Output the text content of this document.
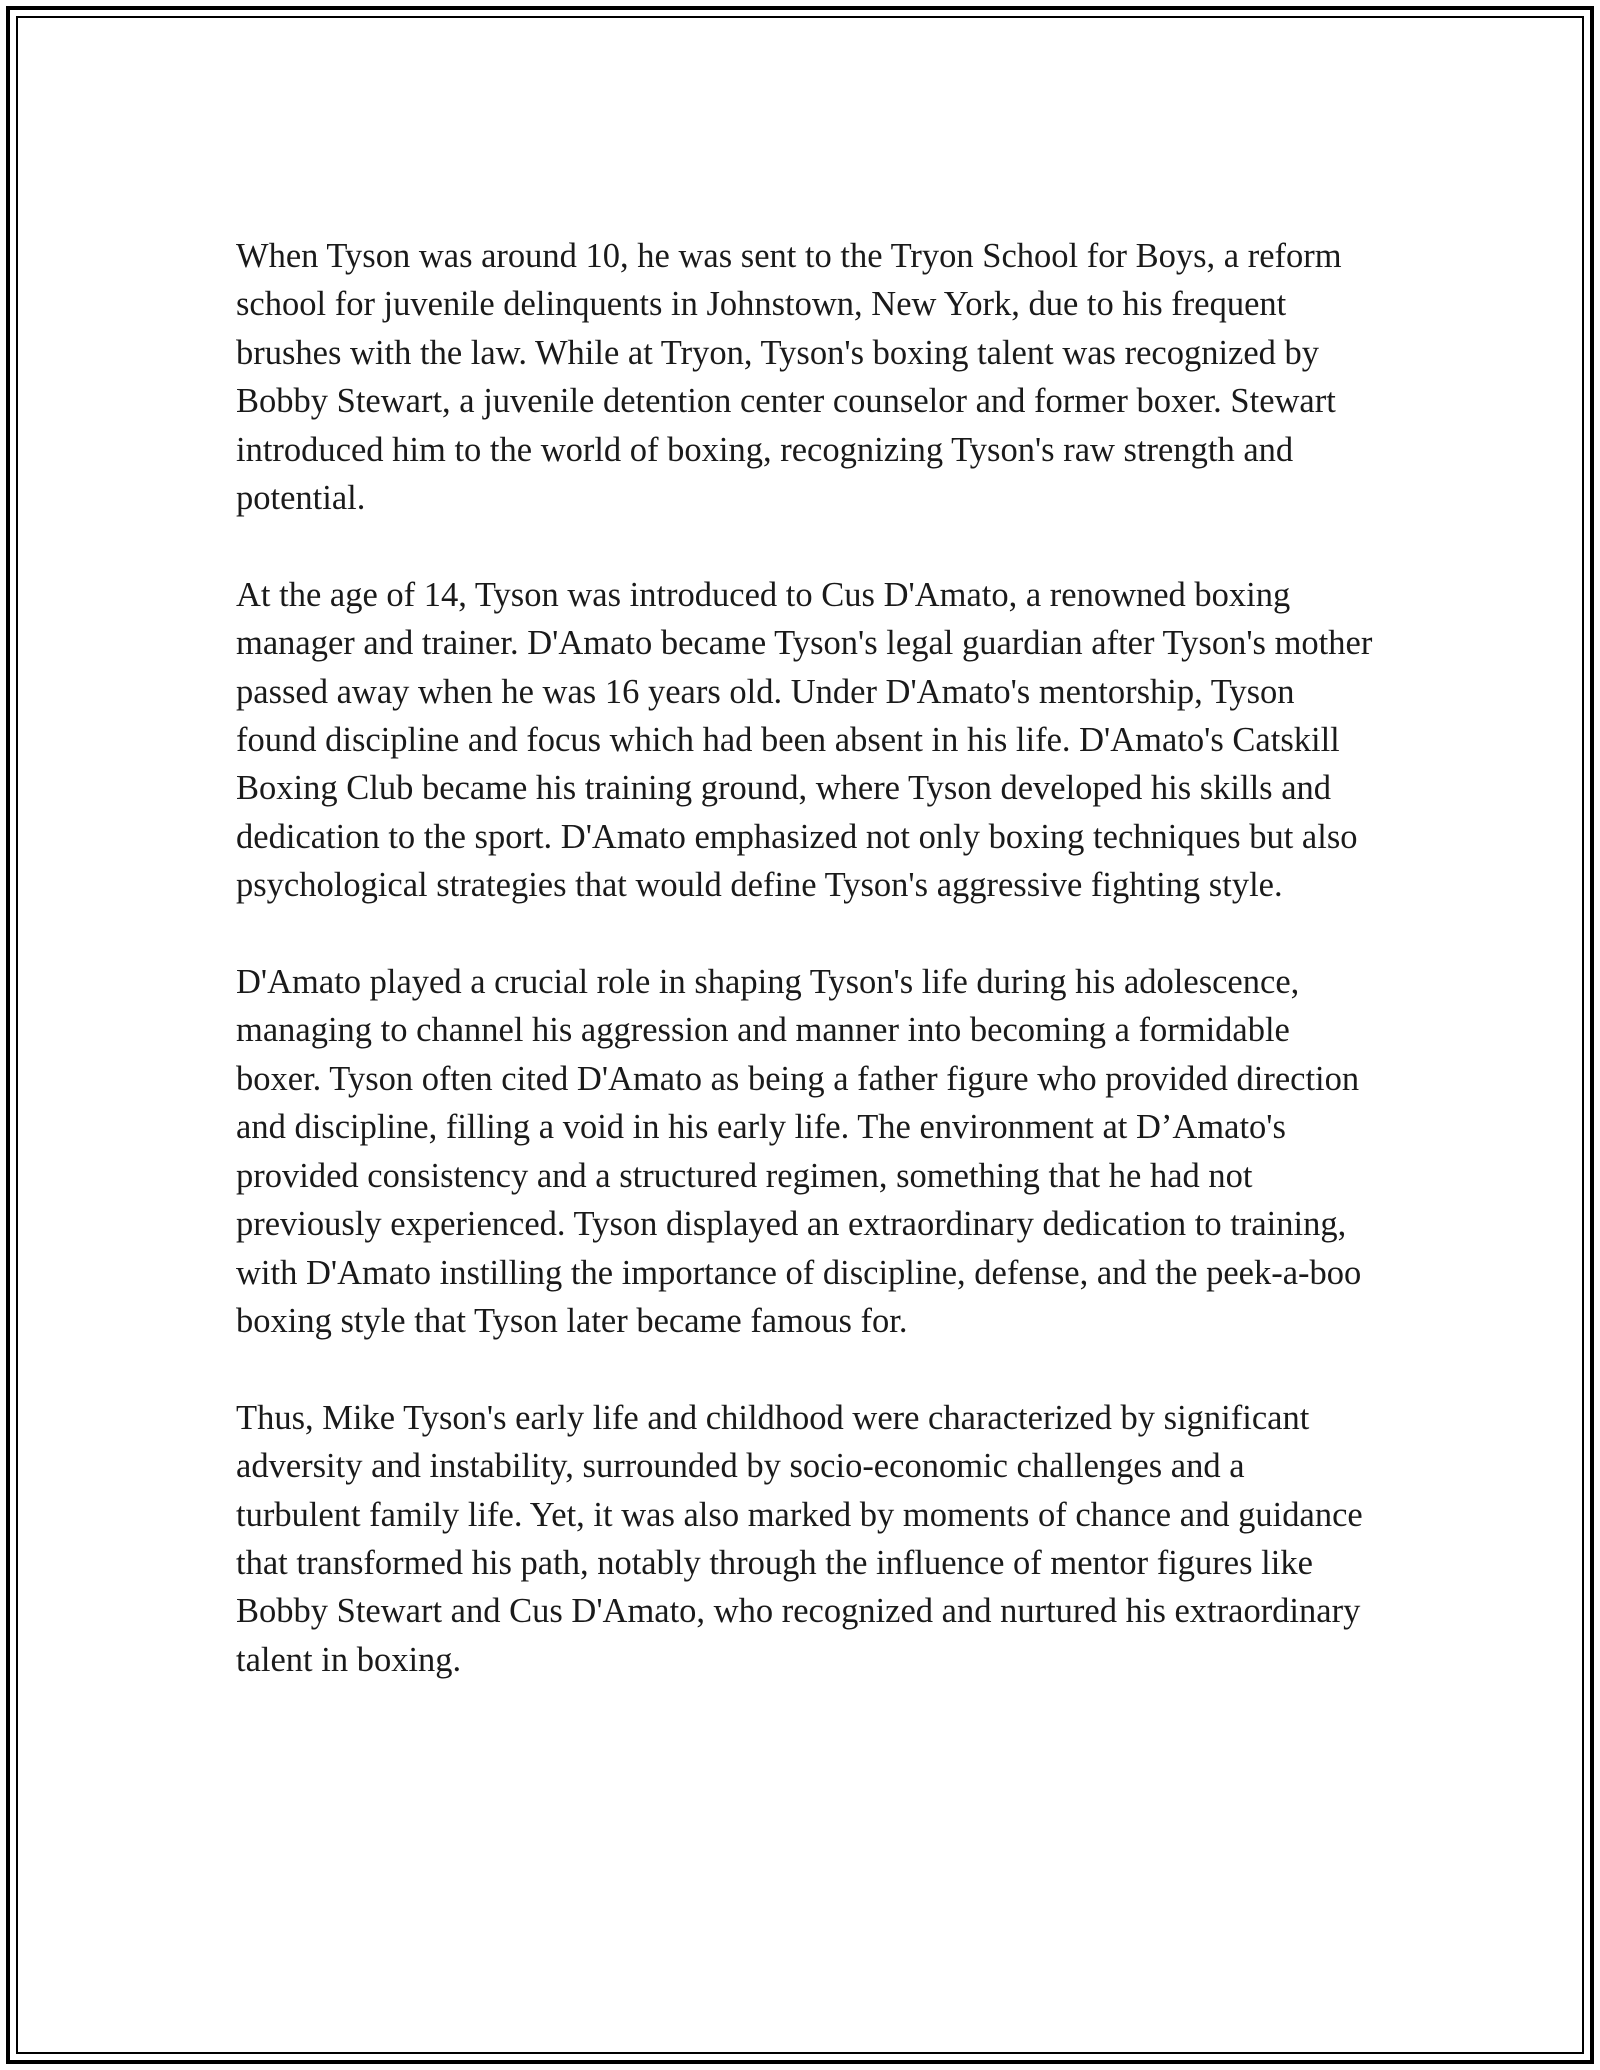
When Tyson was around 10, he was sent to the Tryon School for Boys, a reform school for juvenile delinquents in Johnstown, New York, due to his frequent brushes with the law. While at Tryon, Tyson's boxing talent was recognized by Bobby Stewart, a juvenile detention center counselor and former boxer. Stewart introduced him to the world of boxing, recognizing Tyson's raw strength and potential.

At the age of 14, Tyson was introduced to Cus D'Amato, a renowned boxing manager and trainer. D'Amato became Tyson's legal guardian after Tyson's mother passed away when he was 16 years old. Under D'Amato's mentorship, Tyson found discipline and focus which had been absent in his life. D'Amato's Catskill Boxing Club became his training ground, where Tyson developed his skills and dedication to the sport. D'Amato emphasized not only boxing techniques but also psychological strategies that would define Tyson's aggressive fighting style.

D'Amato played a crucial role in shaping Tyson's life during his adolescence, managing to channel his aggression and manner into becoming a formidable boxer. Tyson often cited D'Amato as being a father figure who provided direction and discipline, filling a void in his early life. The environment at D’Amato's provided consistency and a structured regimen, something that he had not previously experienced. Tyson displayed an extraordinary dedication to training, with D'Amato instilling the importance of discipline, defense, and the peek-a-boo boxing style that Tyson later became famous for.

Thus, Mike Tyson's early life and childhood were characterized by significant adversity and instability, surrounded by socio-economic challenges and a turbulent family life. Yet, it was also marked by moments of chance and guidance that transformed his path, notably through the influence of mentor figures like Bobby Stewart and Cus D'Amato, who recognized and nurtured his extraordinary talent in boxing.
